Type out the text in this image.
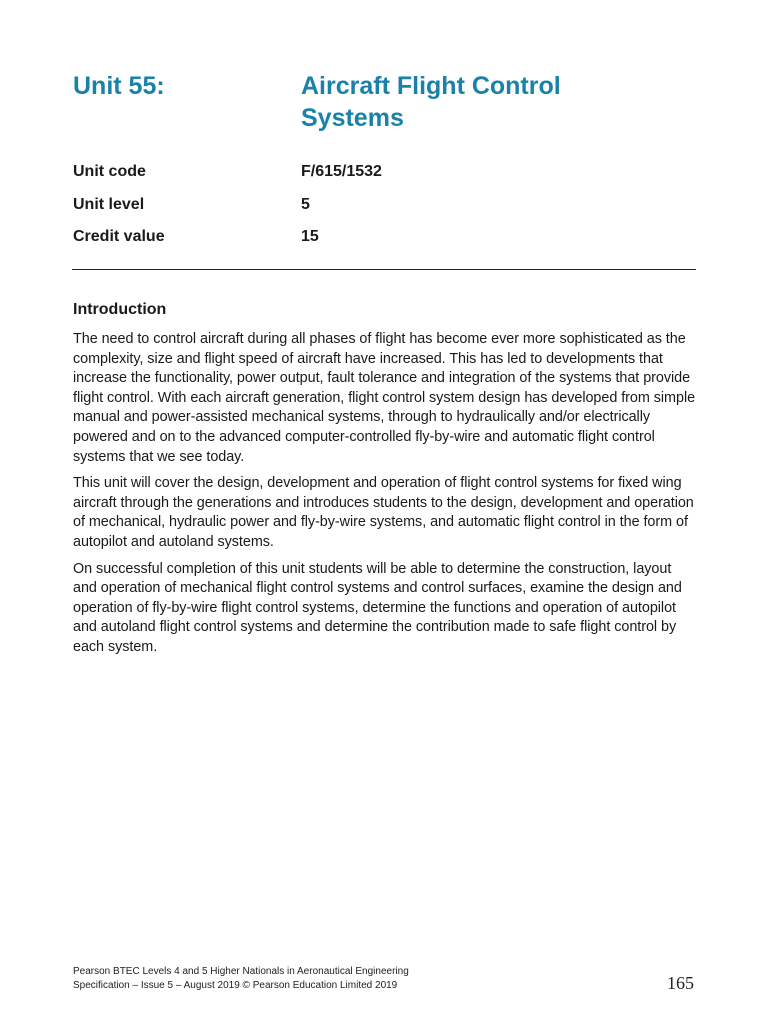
Unit 55:	Aircraft Flight Control Systems
Unit code	F/615/1532
Unit level	5
Credit value	15
Introduction

The need to control aircraft during all phases of flight has become ever more sophisticated as the complexity, size and flight speed of aircraft have increased. This has led to developments that increase the functionality, power output, fault tolerance and integration of the systems that provide flight control. With each aircraft generation, flight control system design has developed from simple manual and power-assisted mechanical systems, through to hydraulically and/or electrically powered and on to the advanced computer-controlled fly-by-wire and automatic flight control systems that we see today.

This unit will cover the design, development and operation of flight control systems for fixed wing aircraft through the generations and introduces students to the design, development and operation of mechanical, hydraulic power and fly-by-wire systems, and automatic flight control in the form of autopilot and autoland systems.

On successful completion of this unit students will be able to determine the construction, layout and operation of mechanical flight control systems and control surfaces, examine the design and operation of fly-by-wire flight control systems, determine the functions and operation of autopilot and autoland flight control systems and determine the contribution made to safe flight control by each system.

Pearson BTEC Levels 4 and 5 Higher Nationals in Aeronautical Engineering
Specification – Issue 5 – August 2019 © Pearson Education Limited 2019	165
